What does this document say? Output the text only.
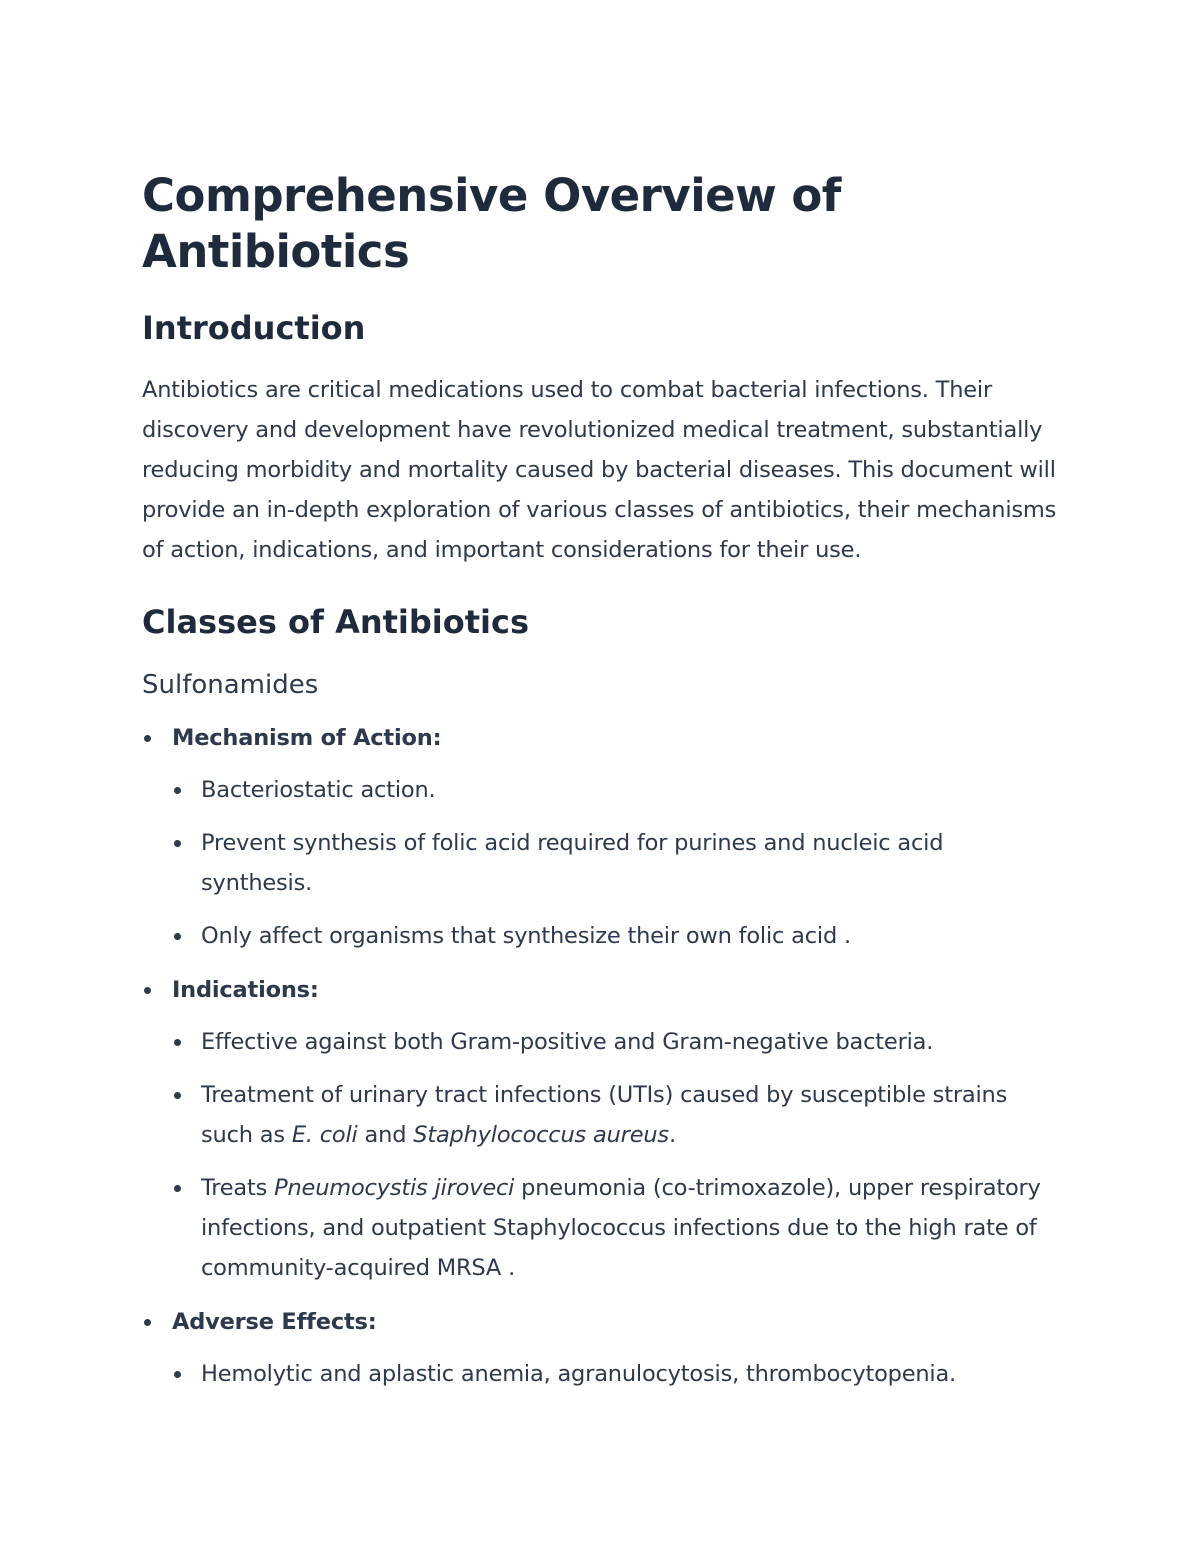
Comprehensive Overview of Antibiotics
Introduction

Antibiotics are critical medications used to combat bacterial infections. Their discovery and development have revolutionized medical treatment, substantially reducing morbidity and mortality caused by bacterial diseases. This document will provide an in-depth exploration of various classes of antibiotics, their mechanisms of action, indications, and important considerations for their use.

Classes of Antibiotics
Sulfonamides
Mechanism of Action:
Bacteriostatic action.
Prevent synthesis of folic acid required for purines and nucleic acid synthesis.
Only affect organisms that synthesize their own folic acid .
Indications:
Effective against both Gram-positive and Gram-negative bacteria.
Treatment of urinary tract infections (UTIs) caused by susceptible strains such as E. coli and Staphylococcus aureus.
Treats Pneumocystis jiroveci pneumonia (co-trimoxazole), upper respiratory infections, and outpatient Staphylococcus infections due to the high rate of community-acquired MRSA .
Adverse Effects:
Hemolytic and aplastic anemia, agranulocytosis, thrombocytopenia.
